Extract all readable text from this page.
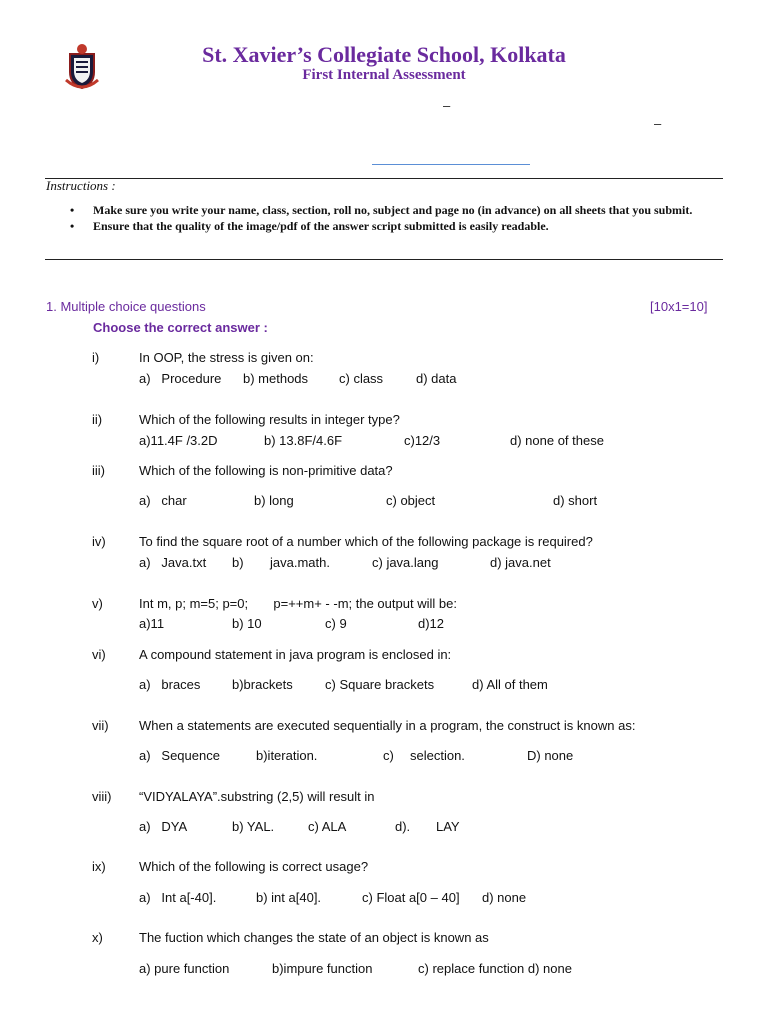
St. Xavier’s Collegiate School, Kolkata
First Internal Assessment
–
–
Instructions :
• Make sure you write your name, class, section, roll no, subject and page no (in advance) on all sheets that you submit.
• Ensure that the quality of the image/pdf of the answer script submitted is easily readable.
1. Multiple choice questions	[10x1=10]
Choose the correct answer :
i)	In OOP, the stress is given on:
a)   Procedure b) methods c) class	d) data
ii)	Which of the following results in integer type?
a)11.4F /3.2D	b) 13.8F/4.6F	c)12/3	d) none of these
iii)	Which of the following is non-primitive data?
a)   char	b) long	c) object	d) short
iv)	To find the square root of a number which of the following package is required?
a)   Java.txt b) java.math.	c) java.lang	d) java.net
v)	Int m, p; m=5; p=0;       p=++m+ - -m; the output will be:
a)11	b) 10	c) 9	d)12
vi)	A compound statement in java program is enclosed in:
a)   braces b)brackets c) Square brackets	d) All of them
vii) When a statements are executed sequentially in a program, the construct is known as:
a)   Sequence	b)iteration.	c) selection.	D) none
viii) “VIDYALAYA”.substring (2,5) will result in
a)   DYA	b) YAL.	c) ALA	d). LAY
ix)	Which of the following is correct usage?
a)   Int a[-40].	b) int a[40].	c) Float a[0 – 40] d) none
x)	The fuction which changes the state of an object is known as
a) pure function	b)impure function	c) replace function d) none
